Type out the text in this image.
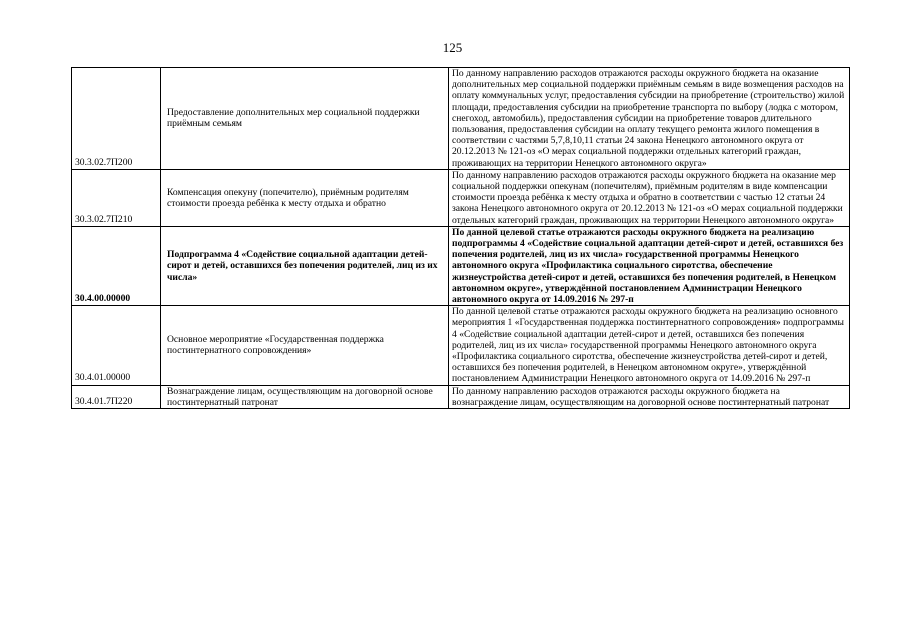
125
30.3.02.7П200	Предоставление дополнительных мер социальной поддержки приёмным семьям	По данному направлению расходов отражаются расходы окружного бюджета на оказание дополнительных мер социальной поддержки приёмным семьям в виде возмещения расходов на оплату коммунальных услуг, предоставления субсидии на приобретение (строительство) жилой площади, предоставления субсидии на приобретение транспорта по выбору (лодка с мотором, снегоход, автомобиль), предоставления субсидии на приобретение товаров длительного пользования, предоставления субсидии на оплату текущего ремонта жилого помещения в соответствии с частями 5,7,8,10,11 статьи 24 закона Ненецкого автономного округа от 20.12.2013 № 121-оз «О мерах социальной поддержки отдельных категорий граждан, проживающих на территории Ненецкого автономного округа»
30.3.02.7П210	Компенсация опекуну (попечителю), приёмным родителям стоимости проезда ребёнка к месту отдыха и обратно	По данному направлению расходов отражаются расходы окружного бюджета на оказание мер социальной поддержки опекунам (попечителям), приёмным родителям в виде компенсации стоимости проезда ребёнка к месту отдыха и обратно в соответствии с частью 12 статьи 24 закона Ненецкого автономного округа от 20.12.2013 № 121-оз «О мерах социальной поддержки отдельных категорий граждан, проживающих на территории Ненецкого автономного округа»
30.4.00.00000	Подпрограмма 4 «Содействие социальной адаптации детей-сирот и детей, оставшихся без попечения родителей, лиц из их числа»	По данной целевой статье отражаются расходы окружного бюджета на реализацию подпрограммы 4 «Содействие социальной адаптации детей-сирот и детей, оставшихся без попечения родителей, лиц из их числа» государственной программы Ненецкого автономного округа «Профилактика социального сиротства, обеспечение жизнеустройства детей-сирот и детей, оставшихся без попечения родителей, в Ненецком автономном округе», утверждённой постановлением Администрации Ненецкого автономного округа от 14.09.2016 № 297-п
30.4.01.00000	Основное мероприятие «Государственная поддержка постинтернатного сопровождения»	По данной целевой статье отражаются расходы окружного бюджета на реализацию основного мероприятия 1 «Государственная поддержка постинтернатного сопровождения» подпрограммы 4 «Содействие социальной адаптации детей-сирот и детей, оставшихся без попечения родителей, лиц из их числа» государственной программы Ненецкого автономного округа «Профилактика социального сиротства, обеспечение жизнеустройства детей-сирот и детей, оставшихся без попечения родителей, в Ненецком автономном округе», утверждённой постановлением Администрации Ненецкого автономного округа от 14.09.2016 № 297-п
30.4.01.7П220	Вознаграждение лицам, осуществляющим на договорной основе постинтернатный патронат	По данному направлению расходов отражаются расходы окружного бюджета на вознаграждение лицам, осуществляющим на договорной основе постинтернатный патронат
